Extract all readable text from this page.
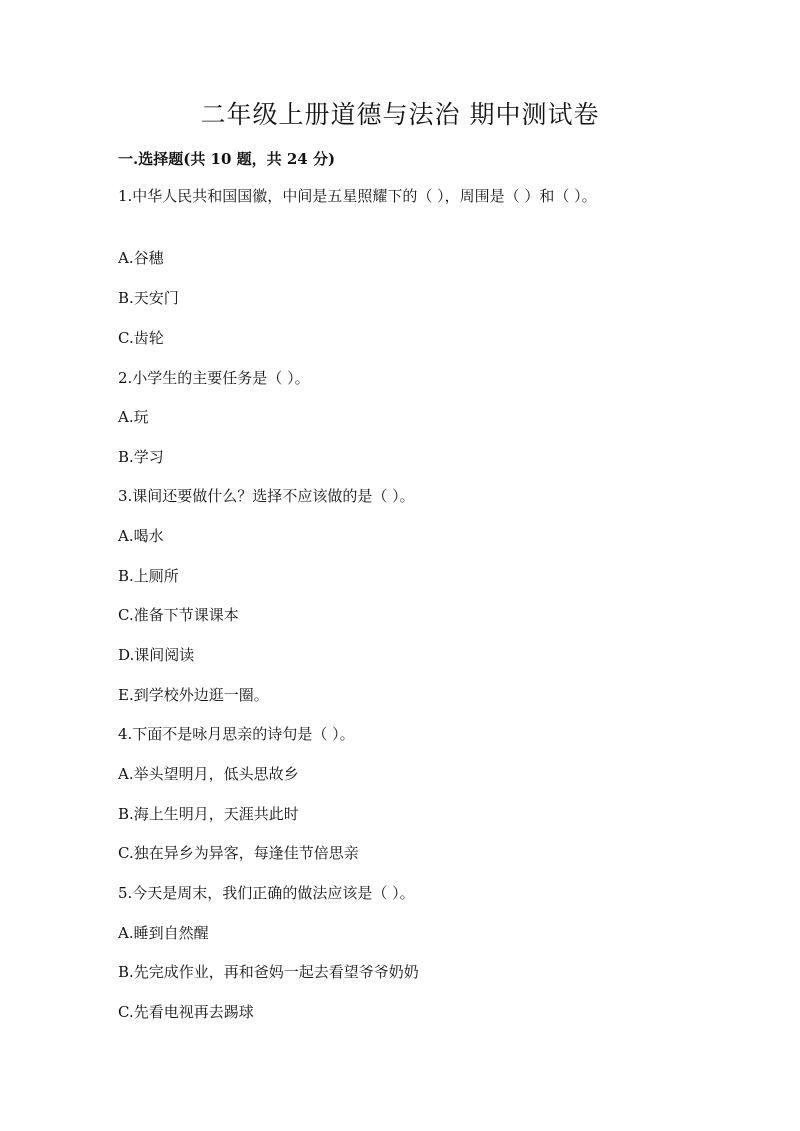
二年级上册道德与法治 期中测试卷

一.选择题(共 10 题，共 24 分)

1.中华人民共和国国徽，中间是五星照耀下的（ ），周围是（ ）和（ ）。

A.谷穗

B.天安门

C.齿轮

2.小学生的主要任务是（ ）。

A.玩

B.学习

3.课间还要做什么？选择不应该做的是（ ）。

A.喝水

B.上厕所

C.准备下节课课本

D.课间阅读

E.到学校外边逛一圈。

4.下面不是咏月思亲的诗句是（ ）。

A.举头望明月，低头思故乡

B.海上生明月，天涯共此时

C.独在异乡为异客，每逢佳节倍思亲

5.今天是周末，我们正确的做法应该是（ ）。

A.睡到自然醒

B.先完成作业，再和爸妈一起去看望爷爷奶奶

C.先看电视再去踢球
